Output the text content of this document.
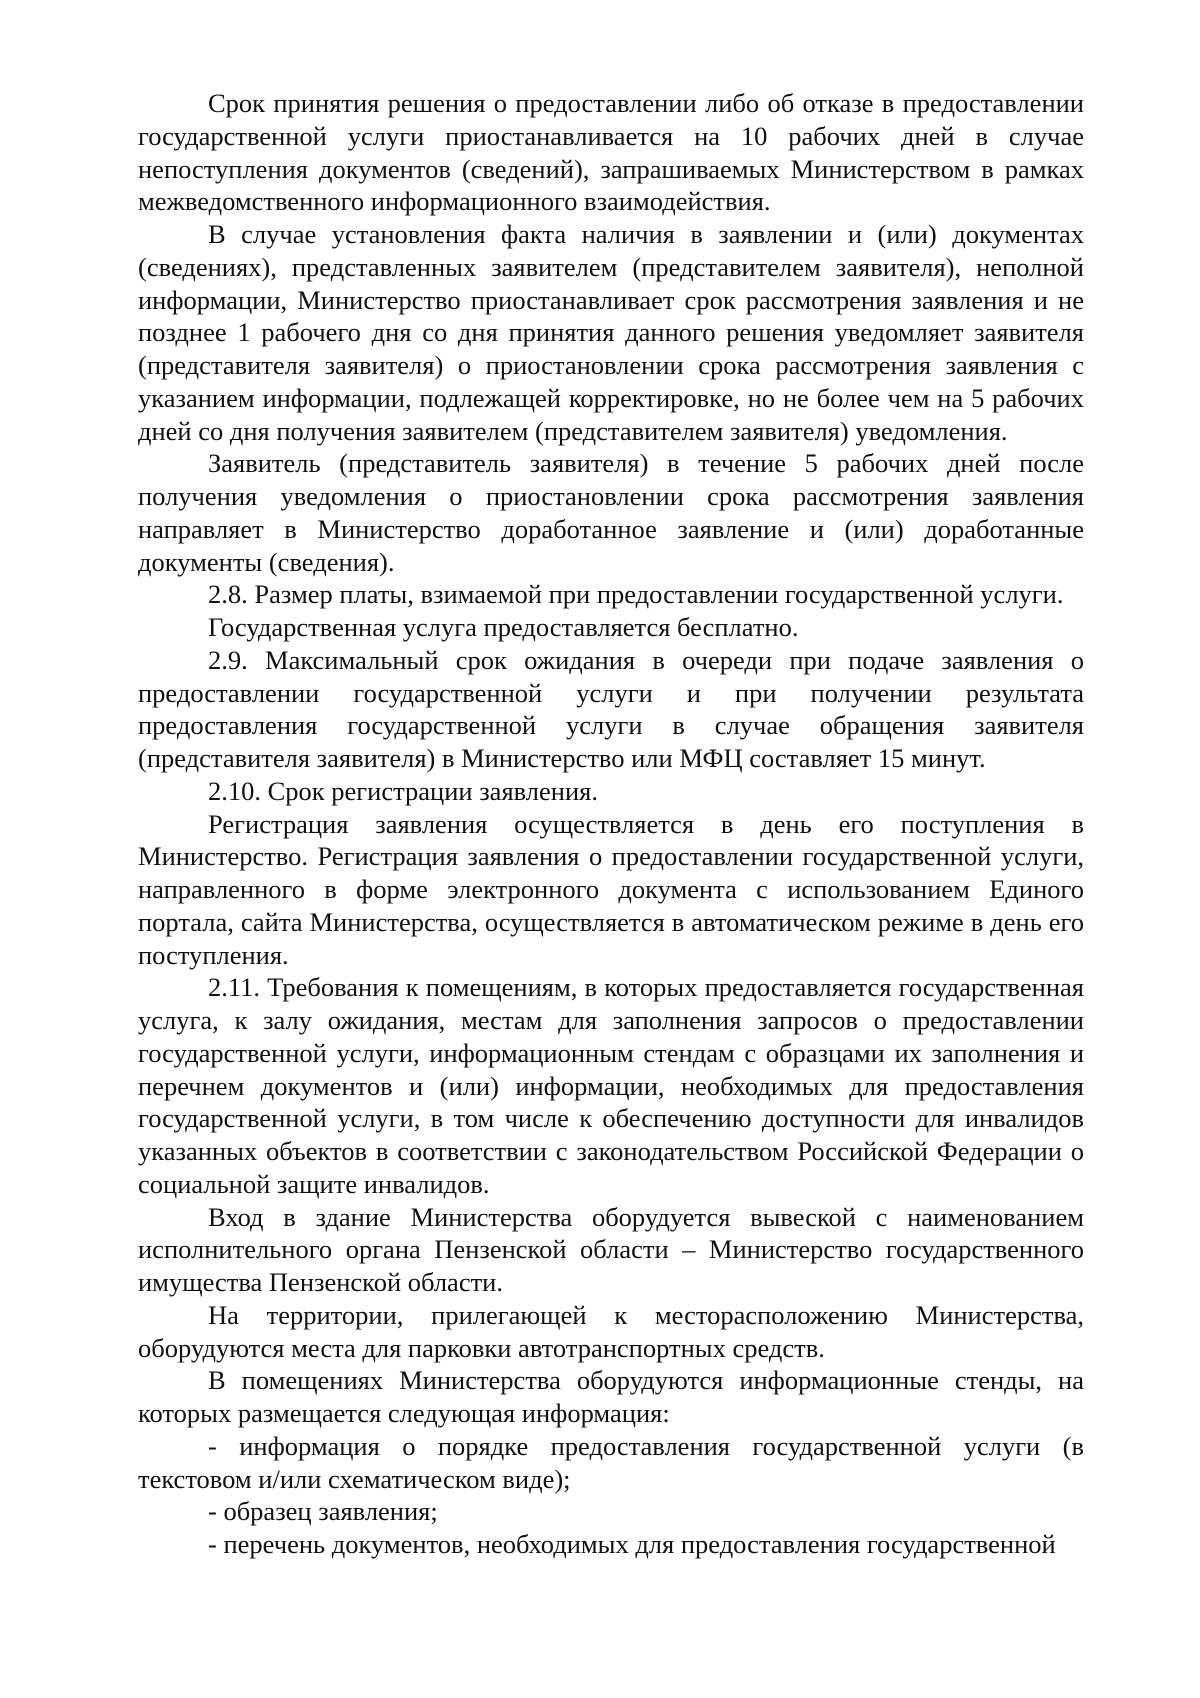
Срок принятия решения о предоставлении либо об отказе в предоставлении государственной услуги приостанавливается на 10 рабочих дней в случае непоступления документов (сведений), запрашиваемых Министерством в рамках межведомственного информационного взаимодействия.

В случае установления факта наличия в заявлении и (или) документах (сведениях), представленных заявителем (представителем заявителя), неполной информации, Министерство приостанавливает срок рассмотрения заявления и не позднее 1 рабочего дня со дня принятия данного решения уведомляет заявителя (представителя заявителя) о приостановлении срока рассмотрения заявления с указанием информации, подлежащей корректировке, но не более чем на 5 рабочих дней со дня получения заявителем (представителем заявителя) уведомления.

Заявитель (представитель заявителя) в течение 5 рабочих дней после получения уведомления о приостановлении срока рассмотрения заявления направляет в Министерство доработанное заявление и (или) доработанные документы (сведения).

2.8. Размер платы, взимаемой при предоставлении государственной услуги.

Государственная услуга предоставляется бесплатно.

2.9. Максимальный срок ожидания в очереди при подаче заявления о предоставлении государственной услуги и при получении результата предоставления государственной услуги в случае обращения заявителя (представителя заявителя) в Министерство или МФЦ составляет 15 минут.

2.10. Срок регистрации заявления.

Регистрация заявления осуществляется в день его поступления в Министерство. Регистрация заявления о предоставлении государственной услуги, направленного в форме электронного документа с использованием Единого портала, сайта Министерства, осуществляется в автоматическом режиме в день его поступления.

2.11. Требования к помещениям, в которых предоставляется государственная услуга, к залу ожидания, местам для заполнения запросов о предоставлении государственной услуги, информационным стендам с образцами их заполнения и перечнем документов и (или) информации, необходимых для предоставления государственной услуги, в том числе к обеспечению доступности для инвалидов указанных объектов в соответствии с законодательством Российской Федерации о социальной защите инвалидов.

Вход в здание Министерства оборудуется вывеской с наименованием исполнительного органа Пензенской области – Министерство государственного имущества Пензенской области.

На территории, прилегающей к месторасположению Министерства, оборудуются места для парковки автотранспортных средств.

В помещениях Министерства оборудуются информационные стенды, на которых размещается следующая информация:

- информация о порядке предоставления государственной услуги (в текстовом и/или схематическом виде);

- образец заявления;

- перечень документов, необходимых для предоставления государственной
